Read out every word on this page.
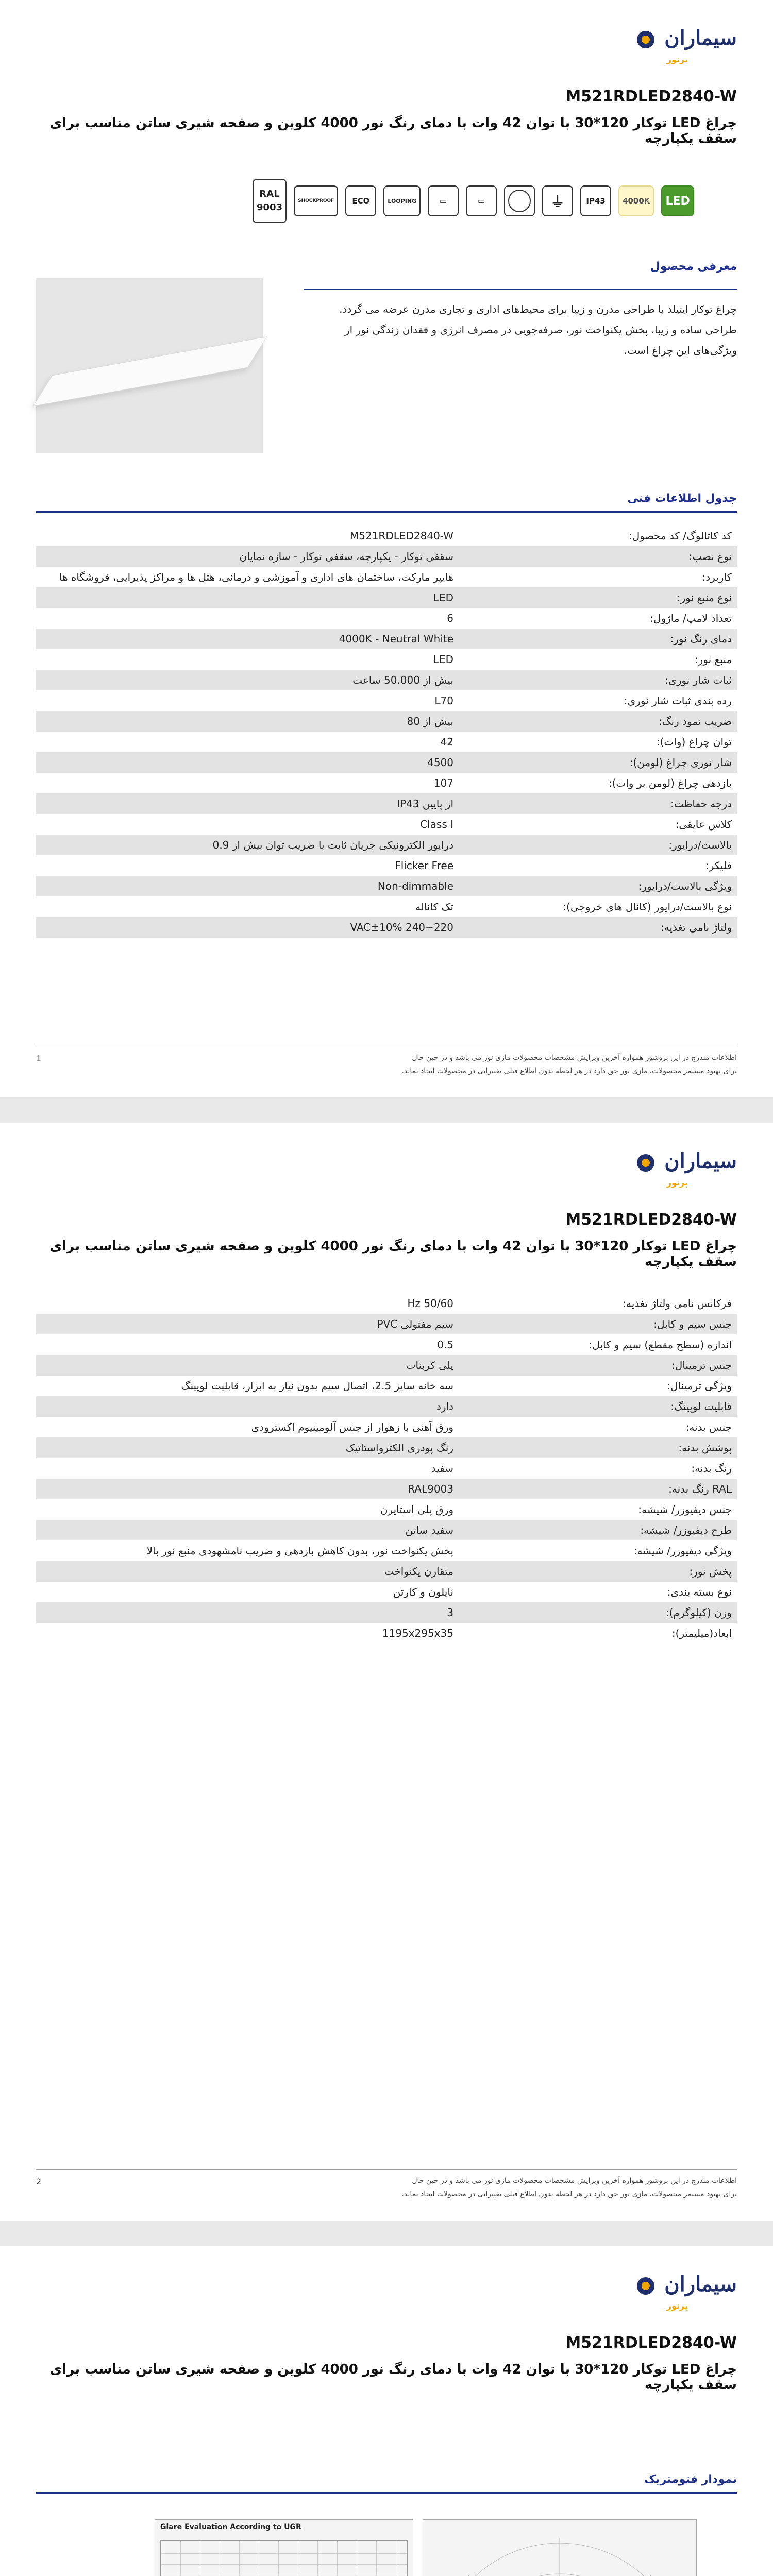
سیماران
پرنور
M521RDLED2840-W
چراغ LED توکار 120*30 با توان 42 وات با دمای رنگ نور 4000 کلوین و صفحه شیری ساتن مناسب برای سقف یکپارچه
RAL
9003
SHOCKPROOF	ECO	LOOPING	▭	▭	⏚	IP43	4000K	LED
معرفی محصول
چراغ توکار ایتیلد با طراحی مدرن و زیبا برای محیط‌های اداری و تجاری مدرن عرضه می گردد. طراحی ساده و زیبا، پخش یکنواخت نور، صرفه‌جویی در مصرف انرژی و فقدان زندگی نور از ویژگی‌های این چراغ است.
جدول اطلاعات فنی
کد کاتالوگ/ کد محصول:	M521RDLED2840-W
نوع نصب:	سقفی توکار - یکپارچه، سقفی توکار - سازه نمایان
کاربرد:	هایپر مارکت، ساختمان های اداری و آموزشی و درمانی، هتل ها و مراکز پذیرایی، فروشگاه ها
نوع منبع نور:	LED
تعداد لامپ/ ماژول:	6
دمای رنگ نور:	4000K - Neutral White
منبع نور:	LED
ثبات شار نوری:	بیش از 50.000 ساعت
رده بندی ثبات شار نوری:	L70
ضریب نمود رنگ:	بیش از 80
توان چراغ (وات):	42
شار نوری چراغ (لومن):	4500
بازدهی چراغ (لومن بر وات):	107
درجه حفاظت:	از پایین IP43
کلاس عایقی:	Class I
بالاست/درایور:	درایور الکترونیکی جریان ثابت با ضریب توان بیش از 0.9
فلیکر:	Flicker Free
ویژگی بالاست/درایور:	Non-dimmable
نوع بالاست/درایور (کانال های خروجی):	تک کاناله
ولتاژ نامی تغذیه:	220~240 VAC±10%
اطلاعات مندرج در این بروشور همواره آخرین ویرایش مشخصات محصولات مازی نور می باشد و در حین حال
برای بهبود مستمر محصولات، مازی نور حق دارد در هر لحظه بدون اطلاع قبلی تغییراتی در محصولات ایجاد نماید.
1
سیماران
پرنور
M521RDLED2840-W
چراغ LED توکار 120*30 با توان 42 وات با دمای رنگ نور 4000 کلوین و صفحه شیری ساتن مناسب برای سقف یکپارچه
فرکانس نامی ولتاژ تغذیه:	50/60 Hz
جنس سیم و کابل:	سیم مفتولی PVC
اندازه (سطح مقطع) سیم و کابل:	0.5
جنس ترمینال:	پلی کربنات
ویژگی ترمینال:	سه خانه سایز 2.5، اتصال سیم بدون نیاز به ابزار، قابلیت لوپینگ
قابلیت لوپینگ:	دارد
جنس بدنه:	ورق آهنی با زهوار از جنس آلومینیوم اکسترودی
پوشش بدنه:	رنگ پودری الکترواستاتیک
رنگ بدنه:	سفید
RAL رنگ بدنه:	RAL9003
جنس دیفیوزر/ شیشه:	ورق پلی استایرن
طرح دیفیوزر/ شیشه:	سفید ساتن
ویژگی دیفیوزر/ شیشه:	پخش یکنواخت نور، بدون کاهش بازدهی و ضریب نامشهودی منبع نور بالا
پخش نور:	متقارن یکنواخت
نوع بسته بندی:	نایلون و کارتن
وزن (کیلوگرم):	3
ابعاد(میلیمتر):	1195x295x35
اطلاعات مندرج در این بروشور همواره آخرین ویرایش مشخصات محصولات مازی نور می باشد و در حین حال
برای بهبود مستمر محصولات، مازی نور حق دارد در هر لحظه بدون اطلاع قبلی تغییراتی در محصولات ایجاد نماید.
2
سیماران
پرنور
M521RDLED2840-W
چراغ LED توکار 120*30 با توان 42 وات با دمای رنگ نور 4000 کلوین و صفحه شیری ساتن مناسب برای سقف یکپارچه
نمودار فتومتریک
Glare Evaluation According to UGR
